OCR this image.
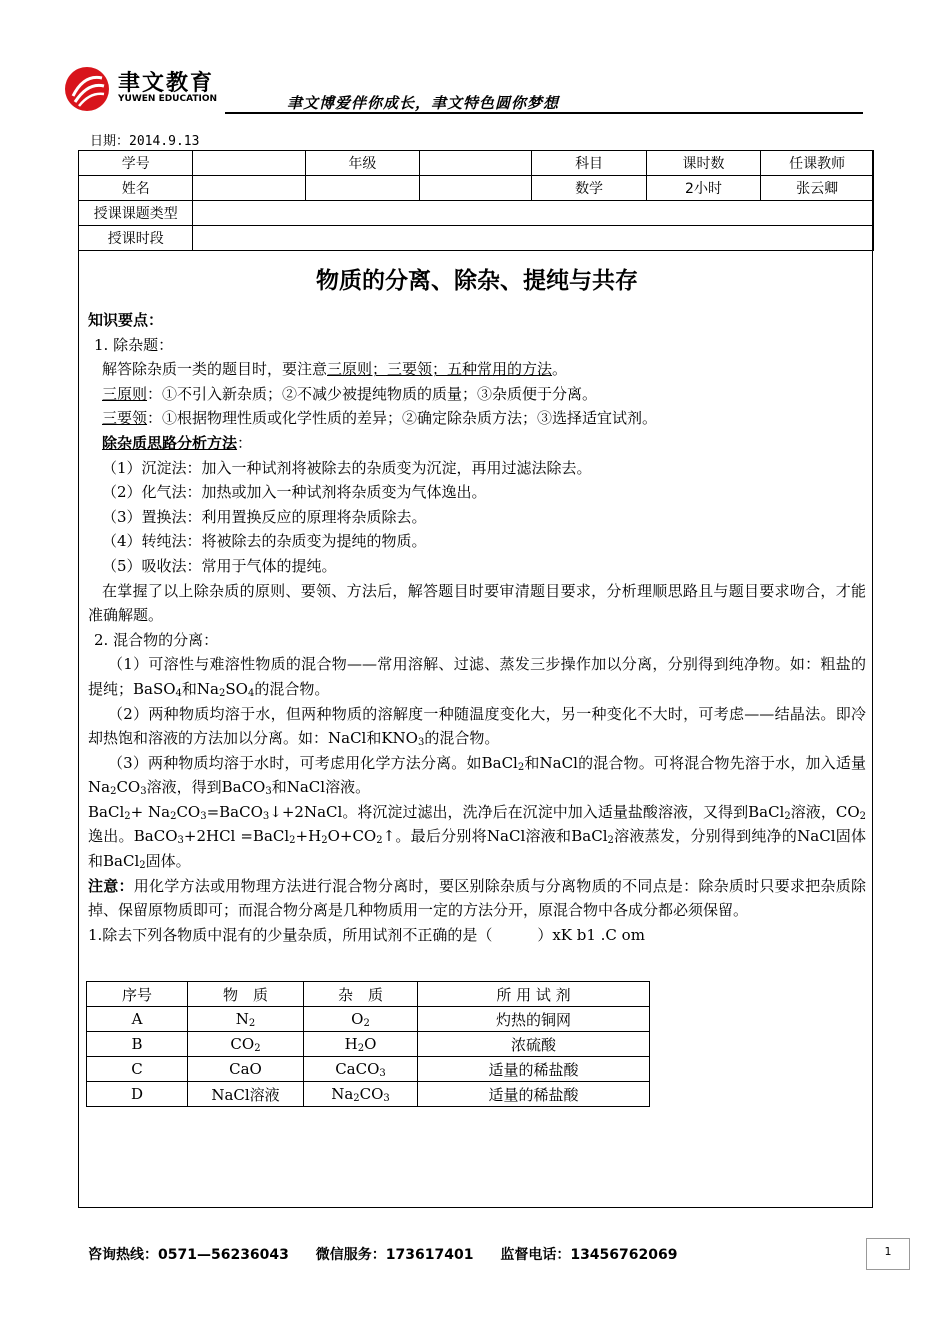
聿文教育
YUWEN EDUCATION	聿文博爱伴你成长，聿文特色圆你梦想
日期：2014.9.13
学号		年级		科目	课时数	任课教师
姓名				数学	2小时	张云卿
授课课题类型						
授课时段						
物质的分离、除杂、提纯与共存

知识要点：

1. 除杂题：

解答除杂质一类的题目时，要注意三原则；三要领；五种常用的方法。

三原则：①不引入新杂质；②不减少被提纯物质的质量；③杂质便于分离。

三要领：①根据物理性质或化学性质的差异；②确定除杂质方法；③选择适宜试剂。

除杂质思路分析方法：

（1）沉淀法：加入一种试剂将被除去的杂质变为沉淀，再用过滤法除去。

（2）化气法：加热或加入一种试剂将杂质变为气体逸出。

（3）置换法：利用置换反应的原理将杂质除去。

（4）转纯法：将被除去的杂质变为提纯的物质。

（5）吸收法：常用于气体的提纯。

在掌握了以上除杂质的原则、要领、方法后，解答题目时要审清题目要求，分析理顺思路且与题目要求吻合，才能准确解题。

2. 混合物的分离：

（1）可溶性与难溶性物质的混合物——常用溶解、过滤、蒸发三步操作加以分离，分别得到纯净物。如：粗盐的提纯；BaSO$_4$和$Na_2SO_4$的混合物。

（2）两种物质均溶于水，但两种物质的溶解度一种随温度变化大，另一种变化不大时，可考虑——结晶法。即冷却热饱和溶液的方法加以分离。如：NaCl和$KNO_3$的混合物。

（3）两种物质均溶于水时，可考虑用化学方法分离。如BaCl$_2$和NaCl的混合物。可将混合物先溶于水，加入适量$Na_2CO_3$溶液，得到BaCO$_3$和NaCl溶液。

BaCl$_2$+ $Na_2CO_3=BaCO_3↓+2NaCl$。将沉淀过滤出，洗净后在沉淀中加入适量盐酸溶液，又得到BaCl$_2$溶液，$CO_2$逸出。BaCO$_3$+2HCl $=BaCl_2+H_2O+CO_2↑$。最后分别将NaCl溶液和BaCl$_2$溶液蒸发，分别得到纯净的NaCl固体和BaCl$_2$固体。

注意：用化学方法或用物理方法进行混合物分离时，要区别除杂质与分离物质的不同点是：除杂质时只要求把杂质除掉、保留原物质即可；而混合物分离是几种物质用一定的方法分开，原混合物中各成分都必须保留。

1.除去下列各物质中混有的少量杂质，所用试剂不正确的是（　　　）xK b1 .C om

序号	物　质	杂　质	所 用 试 剂
A	$N_2$	$O_2$	灼热的铜网
B	$CO_2$	$H_2O$	浓硫酸
C	CaO	CaCO$_3$	适量的稀盐酸
D	NaCl溶液	$Na_2CO_3$	适量的稀盐酸
咨询热线：0571—56236043 微信服务：173617401 监督电话：13456762069	1
